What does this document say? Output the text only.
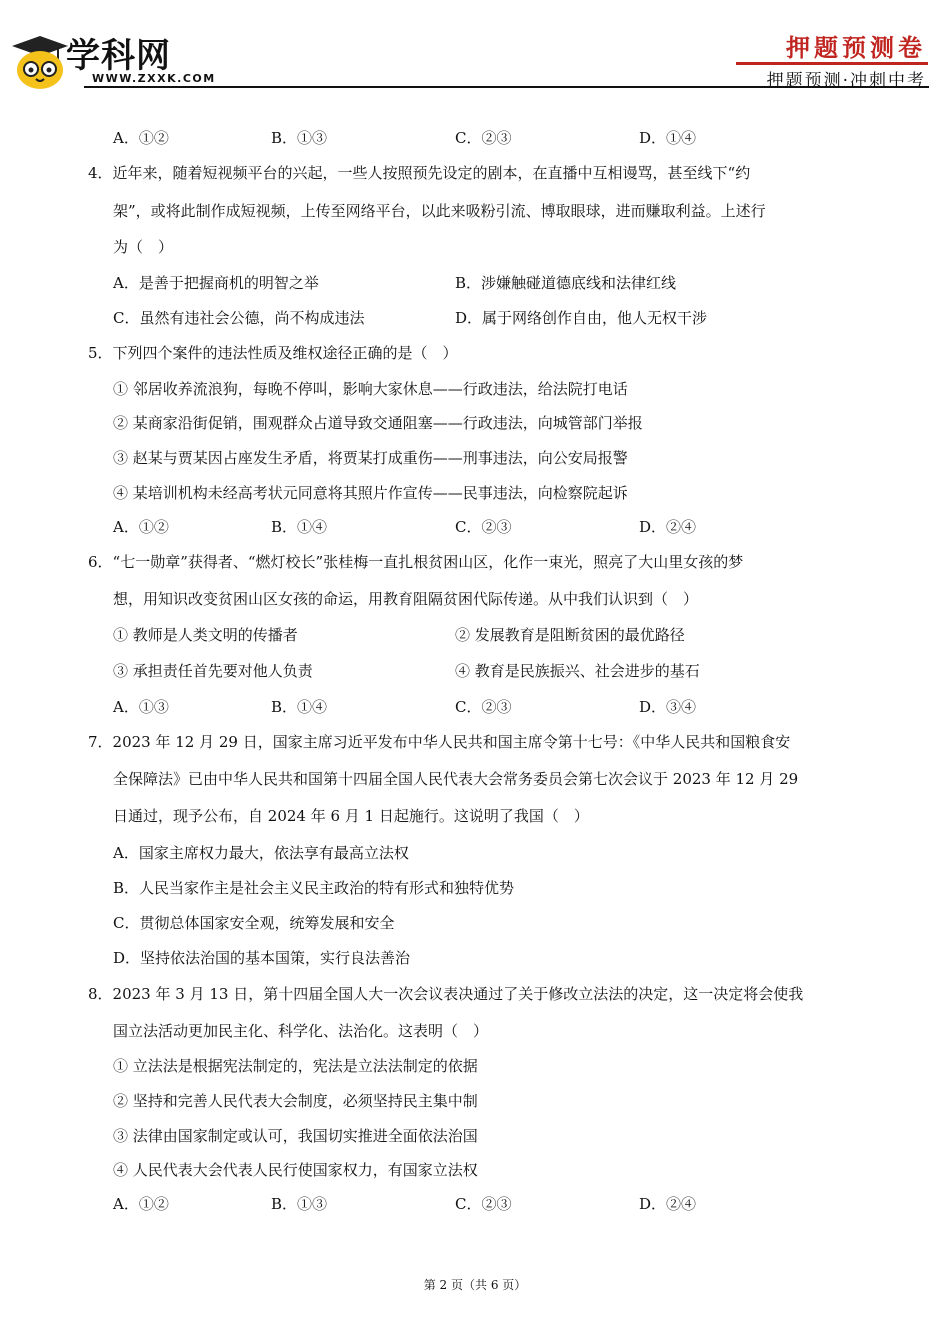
学科网
WWW.ZXXK.COM
押题预测卷
押题预测·冲刺中考
A．①②	B．①③	C．②③	D．①④
4．近年来，随着短视频平台的兴起，一些人按照预先设定的剧本，在直播中互相谩骂，甚至线下“约
架”，或将此制作成短视频，上传至网络平台，以此来吸粉引流、博取眼球，进而赚取利益。上述行
为（　）
A．是善于把握商机的明智之举	B．涉嫌触碰道德底线和法律红线
C．虽然有违社会公德，尚不构成违法	D．属于网络创作自由，他人无权干涉
5．下列四个案件的违法性质及维权途径正确的是（　）
① 邻居收养流浪狗，每晚不停叫，影响大家休息——行政违法，给法院打电话
② 某商家沿街促销，围观群众占道导致交通阻塞——行政违法，向城管部门举报
③ 赵某与贾某因占座发生矛盾，将贾某打成重伤——刑事违法，向公安局报警
④ 某培训机构未经高考状元同意将其照片作宣传——民事违法，向检察院起诉
A．①②	B．①④	C．②③	D．②④
6．“七一勋章”获得者、“燃灯校长”张桂梅一直扎根贫困山区，化作一束光，照亮了大山里女孩的梦
想，用知识改变贫困山区女孩的命运，用教育阻隔贫困代际传递。从中我们认识到（　）
① 教师是人类文明的传播者	② 发展教育是阻断贫困的最优路径
③ 承担责任首先要对他人负责	④ 教育是民族振兴、社会进步的基石
A．①③	B．①④	C．②③	D．③④
7．2023 年 12 月 29 日，国家主席习近平发布中华人民共和国主席令第十七号：《中华人民共和国粮食安
全保障法》已由中华人民共和国第十四届全国人民代表大会常务委员会第七次会议于 2023 年 12 月 29
日通过，现予公布，自 2024 年 6 月 1 日起施行。这说明了我国（　）
A．国家主席权力最大，依法享有最高立法权
B．人民当家作主是社会主义民主政治的特有形式和独特优势
C．贯彻总体国家安全观，统筹发展和安全
D．坚持依法治国的基本国策，实行良法善治
8．2023 年 3 月 13 日，第十四届全国人大一次会议表决通过了关于修改立法法的决定，这一决定将会使我
国立法活动更加民主化、科学化、法治化。这表明（　）
① 立法法是根据宪法制定的，宪法是立法法制定的依据
② 坚持和完善人民代表大会制度，必须坚持民主集中制
③ 法律由国家制定或认可，我国切实推进全面依法治国
④ 人民代表大会代表人民行使国家权力，有国家立法权
A．①②	B．①③	C．②③	D．②④
第 2 页（共 6 页）
